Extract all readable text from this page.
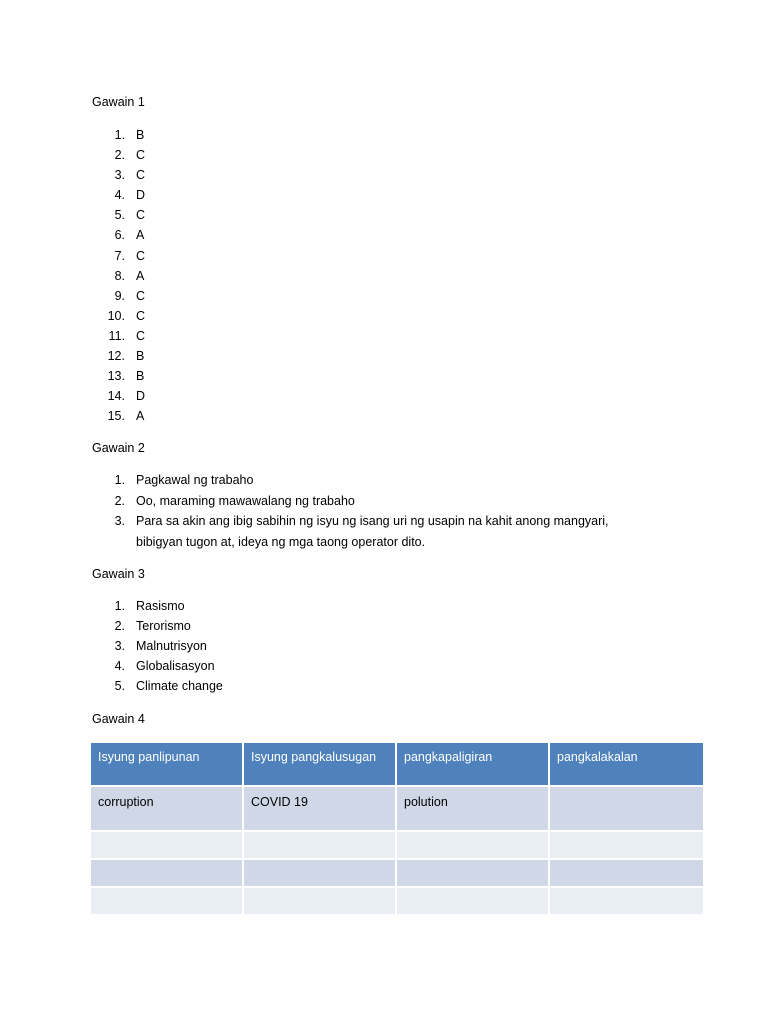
Gawain 1
1. B
2. C
3. C
4. D
5. C
6. A
7. C
8. A
9. C
10. C
11. C
12. B
13. B
14. D
15. A
Gawain 2
1. Pagkawal ng trabaho
2. Oo, maraming mawawalang ng trabaho
3. Para sa akin ang ibig sabihin ng isyu ng isang uri ng usapin na kahit anong mangyari, bibigyan tugon at, ideya ng mga taong operator dito.
Gawain 3
1. Rasismo
2. Terorismo
3. Malnutrisyon
4. Globalisasyon
5. Climate change
Gawain 4
Isyung panlipunan	Isyung pangkalusugan	pangkapaligiran	pangkalakalan
corruption	COVID 19	polution	
